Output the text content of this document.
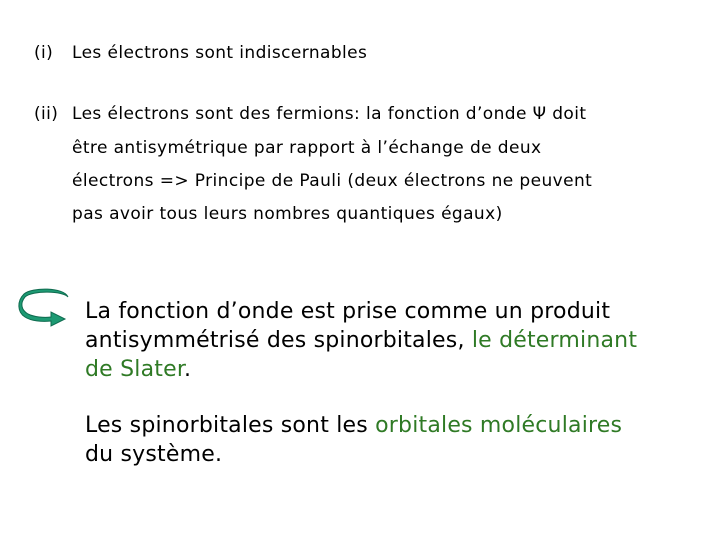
(i) Les électrons sont indiscernables
(ii) Les électrons sont des fermions: la fonction d’onde Ψ doit
être antisymétrique par rapport à l’échange de deux
électrons => Principe de Pauli (deux électrons ne peuvent
pas avoir tous leurs nombres quantiques égaux)
La fonction d’onde est prise comme un produit
antisymmétrisé des spinorbitales, le déterminant
de Slater.
Les spinorbitales sont les orbitales moléculaires
du système.
